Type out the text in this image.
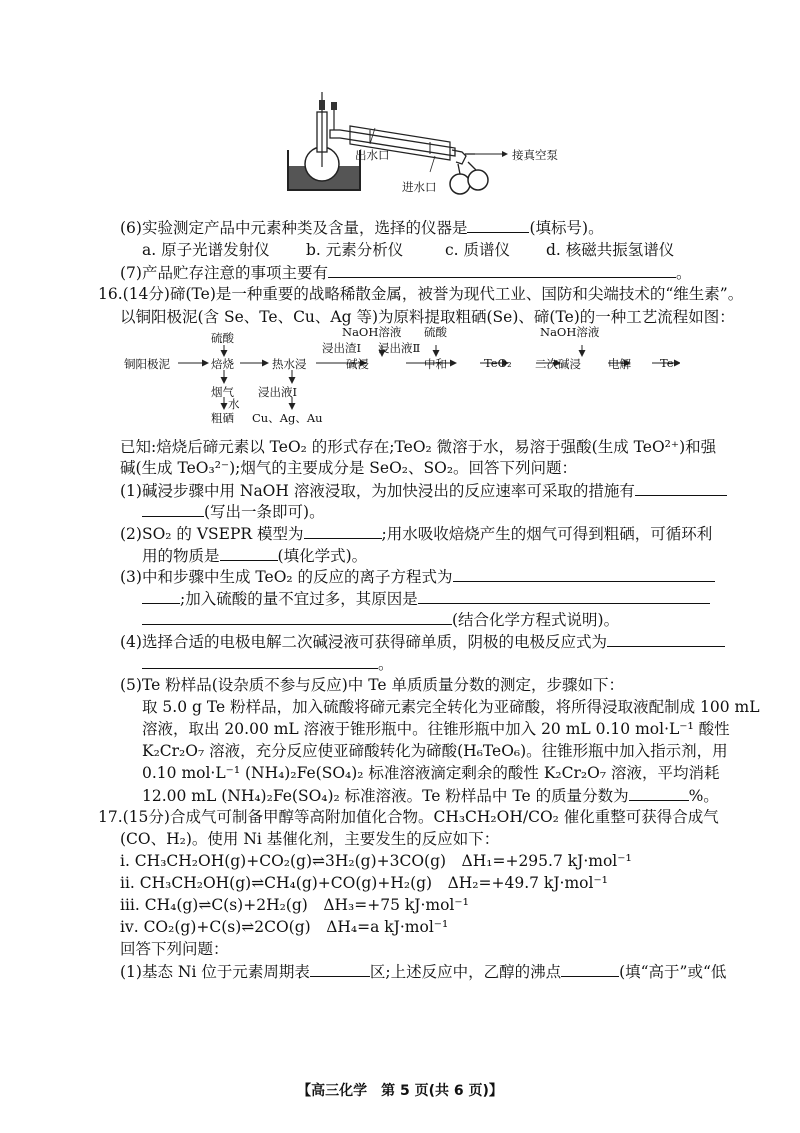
出水口
进水口
接真空泵
(6)实验测定产品中元素种类及含量，选择的仪器是	(填标号)。
a. 原子光谱发射仪 b. 元素分析仪	c. 质谱仪 d. 核磁共振氢谱仪
(7)产品贮存注意的事项主要有	。
16.(14分)碲(Te)是一种重要的战略稀散金属，被誉为现代工业、国防和尖端技术的“维生素”。
以铜阳极泥(含 Se、Te、Cu、Ag 等)为原料提取粗硒(Se)、碲(Te)的一种工艺流程如图：
铜阳极泥
硫酸
焙烧	热水浸
浸出渣Ⅰ
NaOH溶液
碱浸
浸出液Ⅱ
硫酸
中和	TeO₂
NaOH溶液
二次碱浸 电解	Te
烟气
水
粗硒
浸出液Ⅰ
Cu、Ag、Au
已知:焙烧后碲元素以 TeO₂ 的形式存在;TeO₂ 微溶于水，易溶于强酸(生成 TeO²⁺)和强
碱(生成 TeO₃²⁻);烟气的主要成分是 SeO₂、SO₂。回答下列问题：
(1)碱浸步骤中用 NaOH 溶液浸取，为加快浸出的反应速率可采取的措施有
(写出一条即可)。
(2)SO₂ 的 VSEPR 模型为	;用水吸收焙烧产生的烟气可得到粗硒，可循环利
用的物质是	(填化学式)。
(3)中和步骤中生成 TeO₂ 的反应的离子方程式为
;加入硫酸的量不宜过多，其原因是
(结合化学方程式说明)。
(4)选择合适的电极电解二次碱浸液可获得碲单质，阴极的电极反应式为
。
(5)Te 粉样品(设杂质不参与反应)中 Te 单质质量分数的测定，步骤如下：
取 5.0 g Te 粉样品，加入硫酸将碲元素完全转化为亚碲酸，将所得浸取液配制成 100 mL
溶液，取出 20.00 mL 溶液于锥形瓶中。往锥形瓶中加入 20 mL 0.10 mol·L⁻¹ 酸性
K₂Cr₂O₇ 溶液，充分反应使亚碲酸转化为碲酸(H₆TeO₆)。往锥形瓶中加入指示剂，用
0.10 mol·L⁻¹ (NH₄)₂Fe(SO₄)₂ 标准溶液滴定剩余的酸性 K₂Cr₂O₇ 溶液，平均消耗
12.00 mL (NH₄)₂Fe(SO₄)₂ 标准溶液。Te 粉样品中 Te 的质量分数为	%。
17.(15分)合成气可制备甲醇等高附加值化合物。CH₃CH₂OH/CO₂ 催化重整可获得合成气
(CO、H₂)。使用 Ni 基催化剂，主要发生的反应如下：
ⅰ. CH₃CH₂OH(g)+CO₂(g)⇌3H₂(g)+3CO(g)　ΔH₁=+295.7 kJ·mol⁻¹
ⅱ. CH₃CH₂OH(g)⇌CH₄(g)+CO(g)+H₂(g)　ΔH₂=+49.7 kJ·mol⁻¹
ⅲ. CH₄(g)⇌C(s)+2H₂(g)　ΔH₃=+75 kJ·mol⁻¹
ⅳ. CO₂(g)+C(s)⇌2CO(g)　ΔH₄=a kJ·mol⁻¹
回答下列问题：
(1)基态 Ni 位于元素周期表	区;上述反应中，乙醇的沸点	(填“高于”或“低
【高三化学　第 5 页(共 6 页)】
